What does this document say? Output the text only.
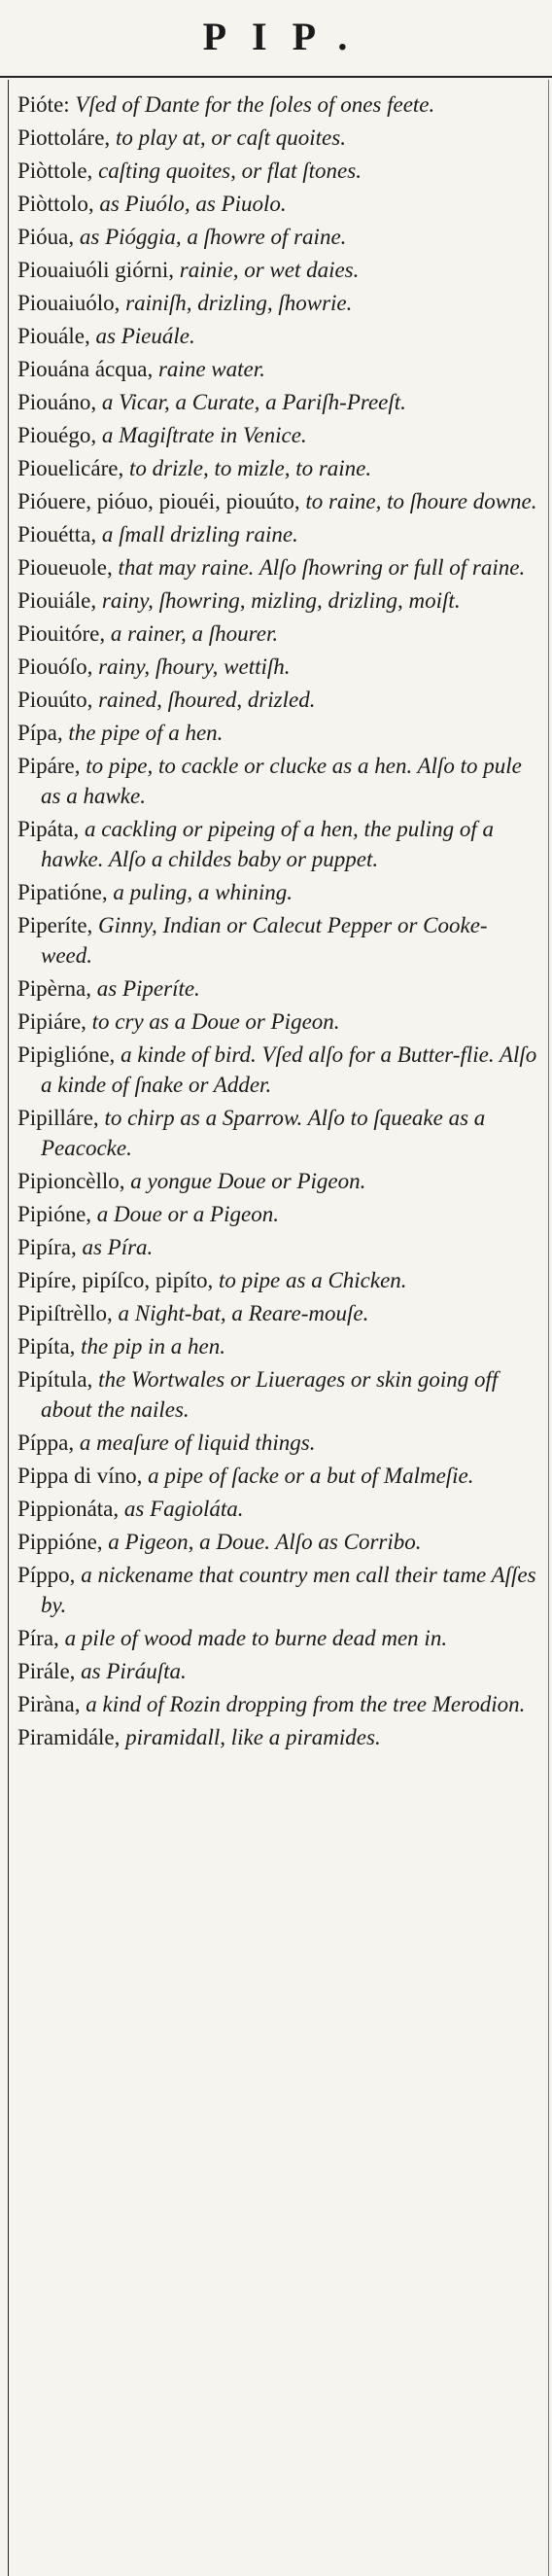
PIP.
Pióte: Vſed of Dante for the ſoles of ones feete.
Piottoláre, to play at, or caſt quoites.
Piòttole, caſting quoites, or flat ſtones.
Piòttolo, as Piuólo, as Piuolo.
Pióua, as Pióggia, a ſhowre of raine.
Piouaiuóli giórni, rainie, or wet daies.
Piouaiuólo, rainiſh, drizling, ſhowrie.
Piouále, as Pieuále.
Piouána ácqua, raine water.
Piouáno, a Vicar, a Curate, a Pariſh-Preeſt.
Piouégo, a Magiſtrate in Venice.
Piouelicáre, to drizle, to mizle, to raine.
Pióuere, pióuo, piouéi, piouúto, to raine, to ſhoure downe.
Piouétta, a ſmall drizling raine.
Pioueuole, that may raine. Alſo ſhowring or full of raine.
Piouiále, rainy, ſhowring, mizling, drizling, moiſt.
Piouitóre, a rainer, a ſhourer.
Piouóſo, rainy, ſhoury, wettiſh.
Piouúto, rained, ſhoured, drizled.
Pípa, the pipe of a hen.
Pipáre, to pipe, to cackle or clucke as a hen. Alſo to pule as a hawke.
Pipáta, a cackling or pipeing of a hen, the puling of a hawke. Alſo a childes baby or puppet.
Pipatióne, a puling, a whining.
Piperíte, Ginny, Indian or Calecut Pepper or Cooke-weed.
Pipèrna, as Piperíte.
Pipiáre, to cry as a Doue or Pigeon.
Pipiglióne, a kinde of bird. Vſed alſo for a Butter-flie. Alſo a kinde of ſnake or Adder.
Pipilláre, to chirp as a Sparrow. Alſo to ſqueake as a Peacocke.
Pipioncèllo, a yongue Doue or Pigeon.
Pipióne, a Doue or a Pigeon.
Pipíra, as Píra.
Pipíre, pipíſco, pipíto, to pipe as a Chicken.
Pipiſtrèllo, a Night-bat, a Reare-mouſe.
Pipíta, the pip in a hen.
Pipítula, the Wortwales or Liuerages or skin going off about the nailes.
Píppa, a meaſure of liquid things.
Pippa di víno, a pipe of ſacke or a but of Malmeſie.
Pippionáta, as Fagioláta.
Pippióne, a Pigeon, a Doue. Alſo as Corribo.
Píppo, a nickename that country men call their tame Aſſes by.
Píra, a pile of wood made to burne dead men in.
Pirále, as Piráuſta.
Piràna, a kind of Rozin dropping from the tree Merodion.
Piramidále, piramidall, like a piramides.
